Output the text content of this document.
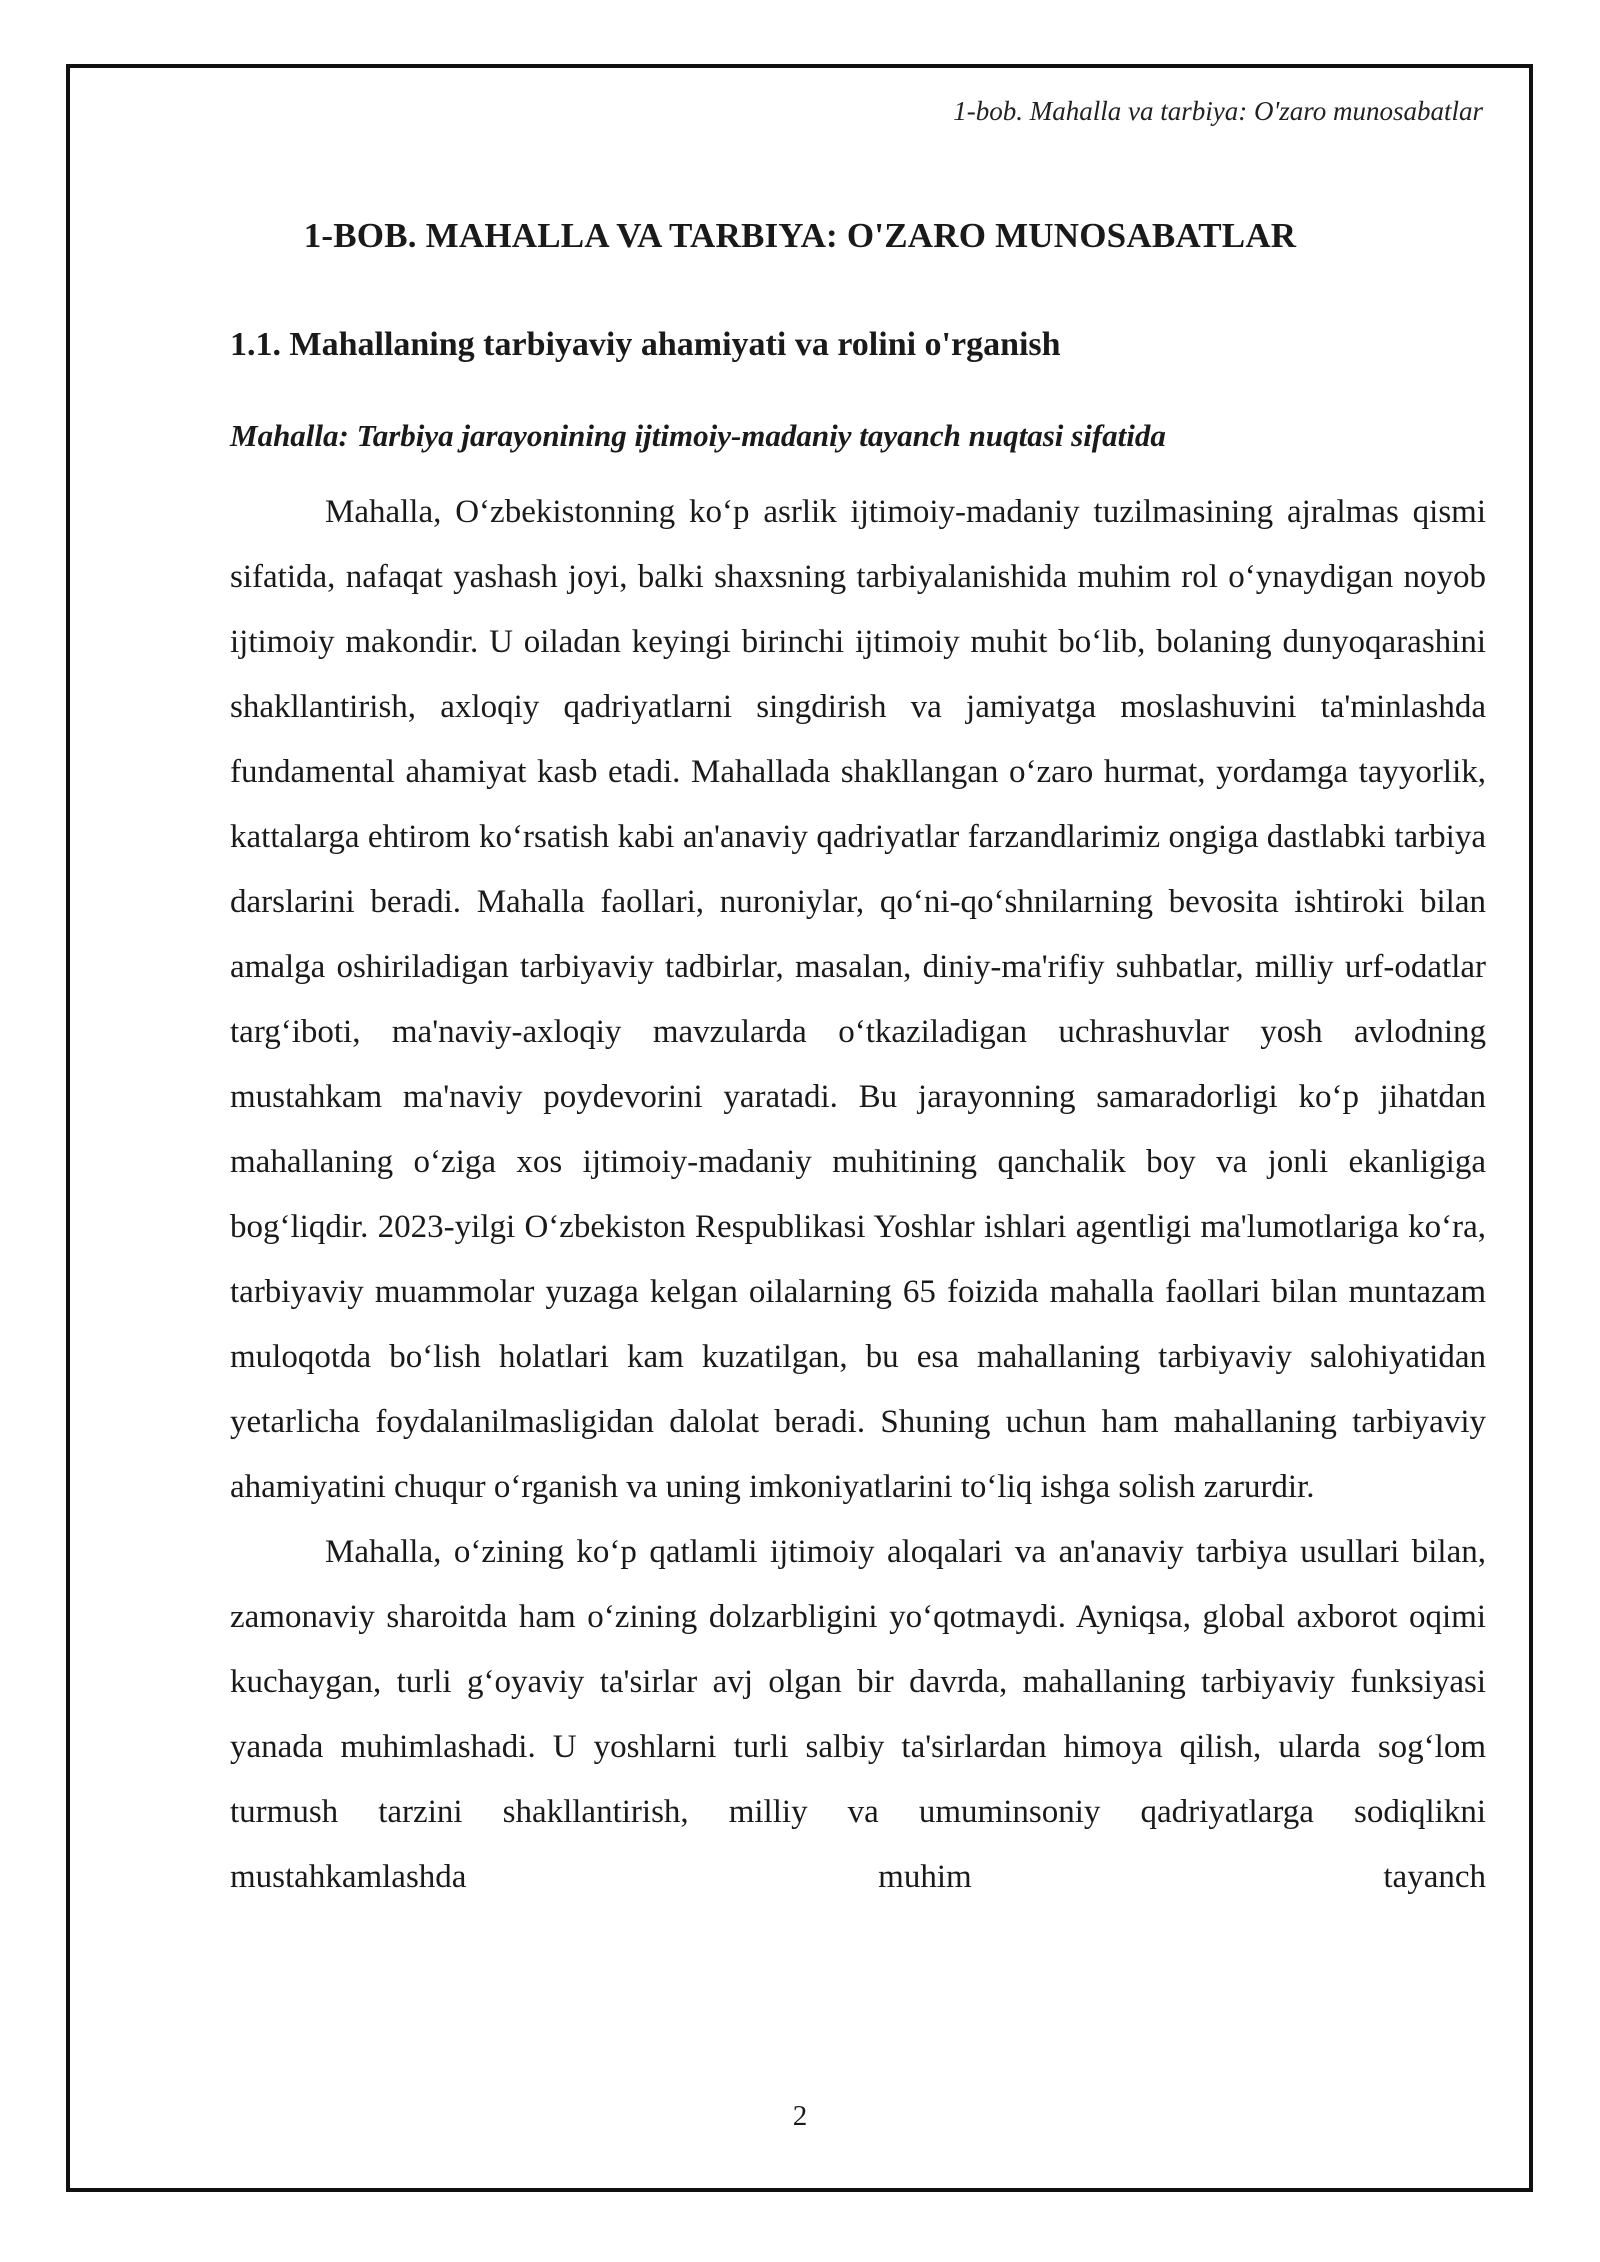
1-bob. Mahalla va tarbiya: O'zaro munosabatlar
1-BOB. MAHALLA VA TARBIYA: O'ZARO MUNOSABATLAR
1.1. Mahallaning tarbiyaviy ahamiyati va rolini o'rganish
Mahalla: Tarbiya jarayonining ijtimoiy-madaniy tayanch nuqtasi sifatida

Mahalla, O‘zbekistonning ko‘p asrlik ijtimoiy-madaniy tuzilmasining ajralmas qismi sifatida, nafaqat yashash joyi, balki shaxsning tarbiyalanishida muhim rol o‘ynaydigan noyob ijtimoiy makondir. U oiladan keyingi birinchi ijtimoiy muhit bo‘lib, bolaning dunyoqarashini shakllantirish, axloqiy qadriyatlarni singdirish va jamiyatga moslashuvini ta'minlashda fundamental ahamiyat kasb etadi. Mahallada shakllangan o‘zaro hurmat, yordamga tayyorlik, kattalarga ehtirom ko‘rsatish kabi an'anaviy qadriyatlar farzandlarimiz ongiga dastlabki tarbiya darslarini beradi. Mahalla faollari, nuroniylar, qo‘ni-qo‘shnilarning bevosita ishtiroki bilan amalga oshiriladigan tarbiyaviy tadbirlar, masalan, diniy-ma'rifiy suhbatlar, milliy urf-odatlar targ‘iboti, ma'naviy-axloqiy mavzularda o‘tkaziladigan uchrashuvlar yosh avlodning mustahkam ma'naviy poydevorini yaratadi. Bu jarayonning samaradorligi ko‘p jihatdan mahallaning o‘ziga xos ijtimoiy-madaniy muhitining qanchalik boy va jonli ekanligiga bog‘liqdir. 2023-yilgi O‘zbekiston Respublikasi Yoshlar ishlari agentligi ma'lumotlariga ko‘ra, tarbiyaviy muammolar yuzaga kelgan oilalarning 65 foizida mahalla faollari bilan muntazam muloqotda bo‘lish holatlari kam kuzatilgan, bu esa mahallaning tarbiyaviy salohiyatidan yetarlicha foydalanilmasligidan dalolat beradi. Shuning uchun ham mahallaning tarbiyaviy ahamiyatini chuqur o‘rganish va uning imkoniyatlarini to‘liq ishga solish zarurdir.

Mahalla, o‘zining ko‘p qatlamli ijtimoiy aloqalari va an'anaviy tarbiya usullari bilan, zamonaviy sharoitda ham o‘zining dolzarbligini yo‘qotmaydi. Ayniqsa, global axborot oqimi kuchaygan, turli g‘oyaviy ta'sirlar avj olgan bir davrda, mahallaning tarbiyaviy funksiyasi yanada muhimlashadi. U yoshlarni turli salbiy ta'sirlardan himoya qilish, ularda sog‘lom turmush tarzini shakllantirish, milliy va umuminsoniy qadriyatlarga sodiqlikni mustahkamlashda muhim tayanch

2
